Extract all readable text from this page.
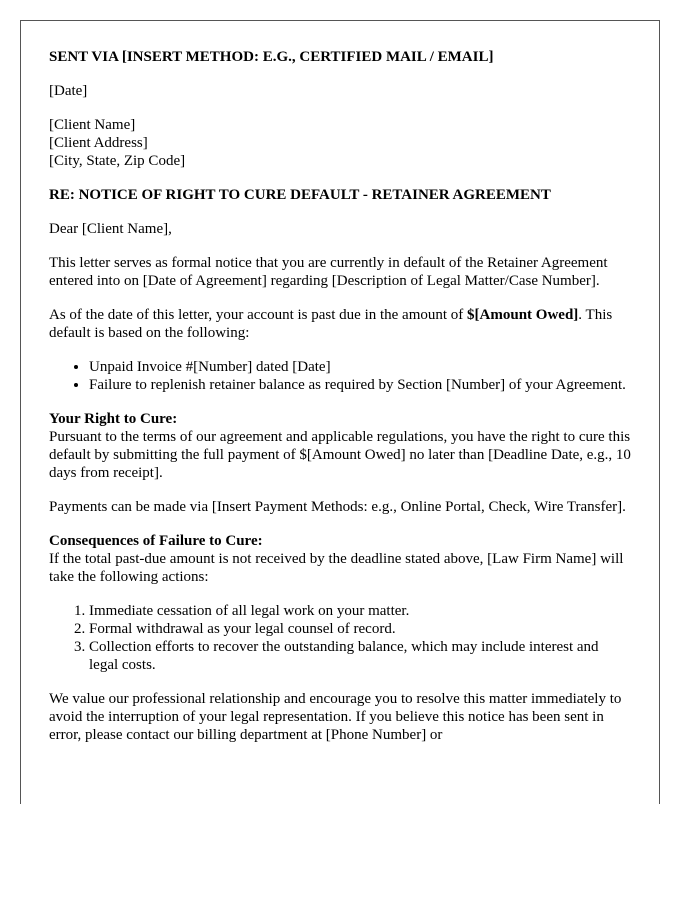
SENT VIA [INSERT METHOD: E.G., CERTIFIED MAIL / EMAIL]

[Date]

[Client Name]
[Client Address]
[City, State, Zip Code]

RE: NOTICE OF RIGHT TO CURE DEFAULT - RETAINER AGREEMENT

Dear [Client Name],

This letter serves as formal notice that you are currently in default of the Retainer Agreement entered into on [Date of Agreement] regarding [Description of Legal Matter/Case Number].

As of the date of this letter, your account is past due in the amount of $[Amount Owed]. This default is based on the following:

• Unpaid Invoice #[Number] dated [Date]
• Failure to replenish retainer balance as required by Section [Number] of your Agreement.

Your Right to Cure:
Pursuant to the terms of our agreement and applicable regulations, you have the right to cure this default by submitting the full payment of $[Amount Owed] no later than [Deadline Date, e.g., 10 days from receipt].

Payments can be made via [Insert Payment Methods: e.g., Online Portal, Check, Wire Transfer].

Consequences of Failure to Cure:
If the total past-due amount is not received by the deadline stated above, [Law Firm Name] will take the following actions:

1. Immediate cessation of all legal work on your matter.
2. Formal withdrawal as your legal counsel of record.
3. Collection efforts to recover the outstanding balance, which may include interest and legal costs.

We value our professional relationship and encourage you to resolve this matter immediately to avoid the interruption of your legal representation. If you believe this notice has been sent in error, please contact our billing department at [Phone Number] or
